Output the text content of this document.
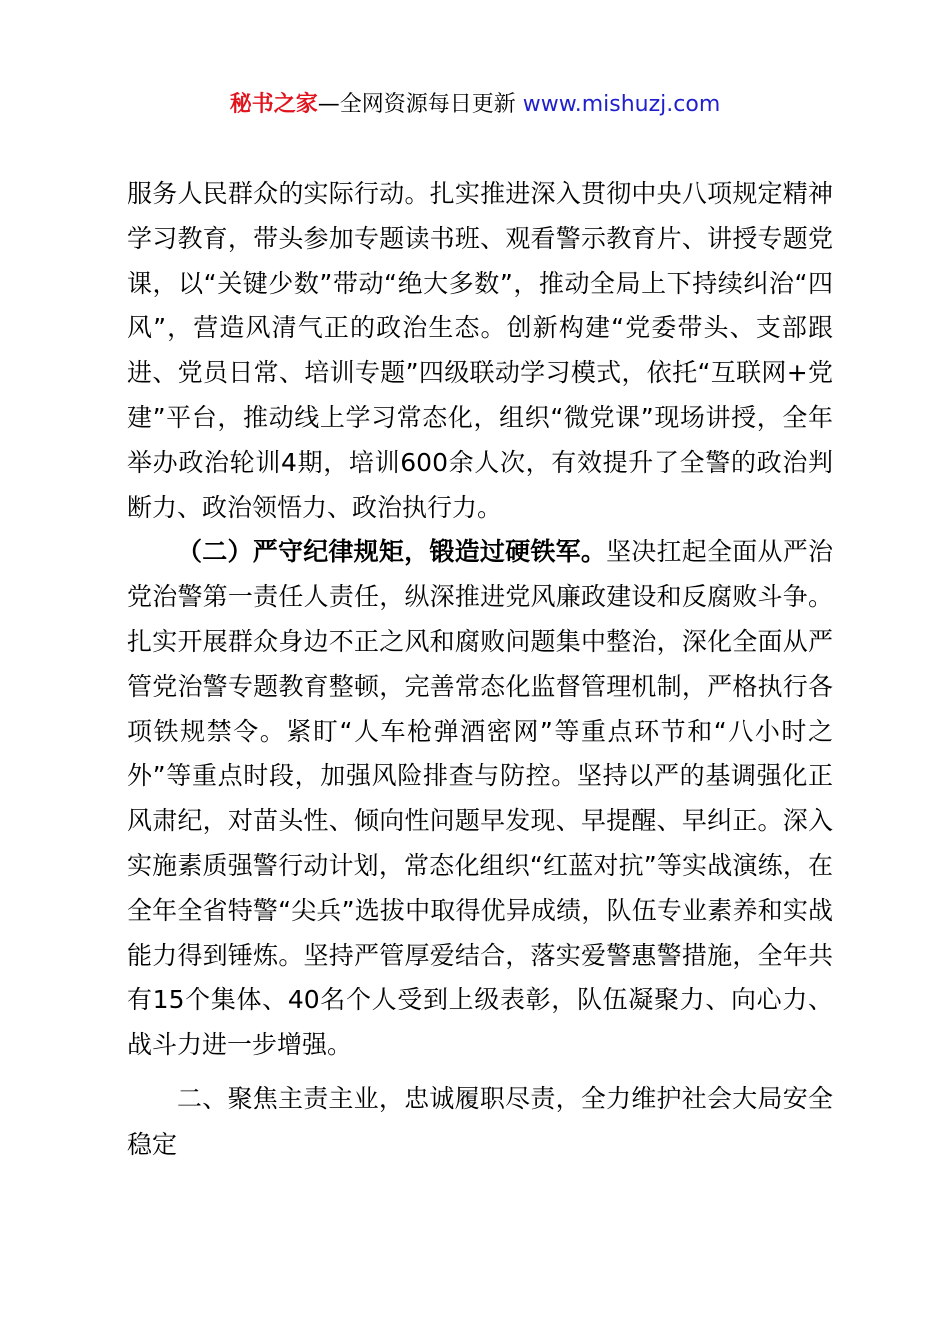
秘书之家—全网资源每日更新 www.mishuzj.com

服务人民群众的实际行动。扎实推进深入贯彻中央八项规定精神学习教育，带头参加专题读书班、观看警示教育片、讲授专题党课，以“关键少数”带动“绝大多数”，推动全局上下持续纠治“四风”，营造风清气正的政治生态。创新构建“党委带头、支部跟进、党员日常、培训专题”四级联动学习模式，依托“互联网+党建”平台，推动线上学习常态化，组织“微党课”现场讲授，全年举办政治轮训4期，培训600余人次，有效提升了全警的政治判断力、政治领悟力、政治执行力。

（二）严守纪律规矩，锻造过硬铁军。坚决扛起全面从严治党治警第一责任人责任，纵深推进党风廉政建设和反腐败斗争。扎实开展群众身边不正之风和腐败问题集中整治，深化全面从严管党治警专题教育整顿，完善常态化监督管理机制，严格执行各项铁规禁令。紧盯“人车枪弹酒密网”等重点环节和“八小时之外”等重点时段，加强风险排查与防控。坚持以严的基调强化正风肃纪，对苗头性、倾向性问题早发现、早提醒、早纠正。深入实施素质强警行动计划，常态化组织“红蓝对抗”等实战演练，在全年全省特警“尖兵”选拔中取得优异成绩，队伍专业素养和实战能力得到锤炼。坚持严管厚爱结合，落实爱警惠警措施，全年共有15个集体、40名个人受到上级表彰，队伍凝聚力、向心力、战斗力进一步增强。

二、聚焦主责主业，忠诚履职尽责，全力维护社会大局安全稳定
